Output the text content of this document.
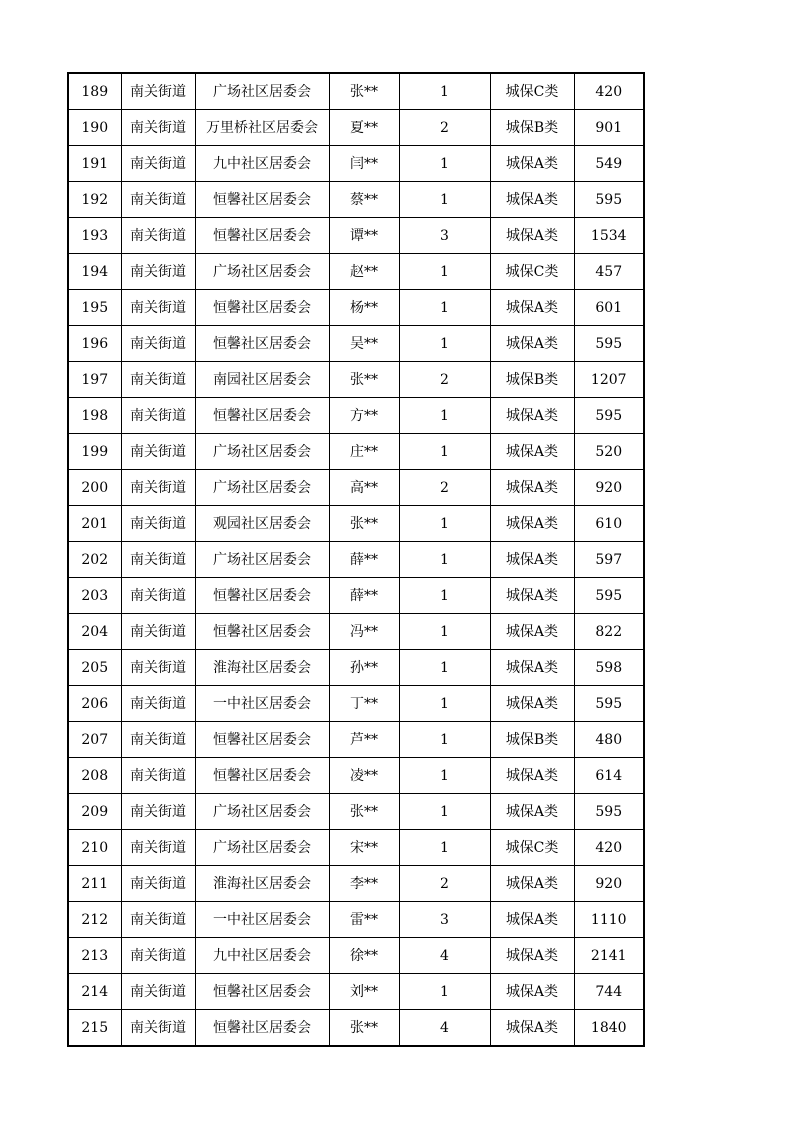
189	南关街道	广场社区居委会	张**	1	城保C类	420
190	南关街道	万里桥社区居委会	夏**	2	城保B类	901
191	南关街道	九中社区居委会	闫**	1	城保A类	549
192	南关街道	恒馨社区居委会	蔡**	1	城保A类	595
193	南关街道	恒馨社区居委会	谭**	3	城保A类	1534
194	南关街道	广场社区居委会	赵**	1	城保C类	457
195	南关街道	恒馨社区居委会	杨**	1	城保A类	601
196	南关街道	恒馨社区居委会	吴**	1	城保A类	595
197	南关街道	南园社区居委会	张**	2	城保B类	1207
198	南关街道	恒馨社区居委会	方**	1	城保A类	595
199	南关街道	广场社区居委会	庄**	1	城保A类	520
200	南关街道	广场社区居委会	高**	2	城保A类	920
201	南关街道	观园社区居委会	张**	1	城保A类	610
202	南关街道	广场社区居委会	薛**	1	城保A类	597
203	南关街道	恒馨社区居委会	薛**	1	城保A类	595
204	南关街道	恒馨社区居委会	冯**	1	城保A类	822
205	南关街道	淮海社区居委会	孙**	1	城保A类	598
206	南关街道	一中社区居委会	丁**	1	城保A类	595
207	南关街道	恒馨社区居委会	芦**	1	城保B类	480
208	南关街道	恒馨社区居委会	凌**	1	城保A类	614
209	南关街道	广场社区居委会	张**	1	城保A类	595
210	南关街道	广场社区居委会	宋**	1	城保C类	420
211	南关街道	淮海社区居委会	李**	2	城保A类	920
212	南关街道	一中社区居委会	雷**	3	城保A类	1110
213	南关街道	九中社区居委会	徐**	4	城保A类	2141
214	南关街道	恒馨社区居委会	刘**	1	城保A类	744
215	南关街道	恒馨社区居委会	张**	4	城保A类	1840
